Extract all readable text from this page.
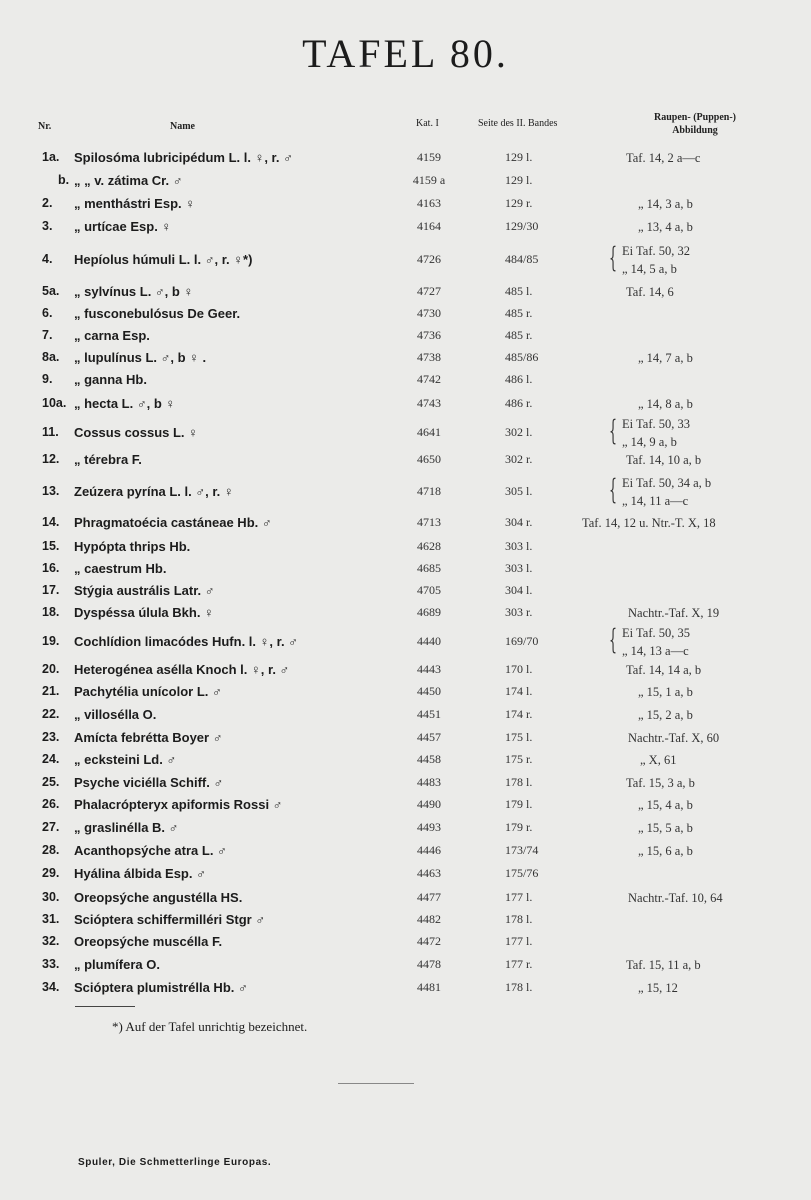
TAFEL 80.
Nr.	Name	Kat. I	Seite des II. Bandes
Raupen- (Puppen-)
Abbildung
1a.	Spilosóma lubricipédum L. l. ♀, r. ♂	4159	129 l.	Taf. 14, 2 a—c
b. „ „ v. zátima Cr. ♂	4159 a	129 l.
2.	„ menthástri Esp. ♀	4163	129 r.	„ 14, 3 a, b
3.	„ urtícae Esp. ♀	4164	129/30	„ 13, 4 a, b
4.	Hepíolus húmuli L. l. ♂, r. ♀*)	4726	484/85	{ Ei Taf. 50, 32
„ 14, 5 a, b
5a.	„ sylvínus L. ♂, b ♀	4727	485 l.	Taf. 14, 6
6.	„ fusconebulósus De Geer.	4730	485 r.
7.	„ carna Esp.	4736	485 r.
8a.	„ lupulínus L. ♂, b ♀ .	4738	485/86	„ 14, 7 a, b
9.	„ ganna Hb.	4742	486 l.
10a. „ hecta L. ♂, b ♀	4743	486 r.	„ 14, 8 a, b
11.	Cossus cossus L. ♀	4641	302 l.	{ Ei Taf. 50, 33
„ 14, 9 a, b
12.	„ térebra F.	4650	302 r.	Taf. 14, 10 a, b
13.	Zeúzera pyrína L. l. ♂, r. ♀	4718	305 l.	{ Ei Taf. 50, 34 a, b
„ 14, 11 a—c
14.	Phragmatoécia castáneae Hb. ♂	4713	304 r.	Taf. 14, 12 u. Ntr.-T. X, 18
15.	Hypópta thrips Hb.	4628	303 l.
16.	„ caestrum Hb.	4685	303 l.
17.	Stýgia austrális Latr. ♂	4705	304 l.
18.	Dyspéssa úlula Bkh. ♀	4689	303 r.	Nachtr.-Taf. X, 19
19.	Cochlídion limacódes Hufn. l. ♀, r. ♂	4440	169/70	{ Ei Taf. 50, 35
„ 14, 13 a—c
20.	Heterogénea asélla Knoch l. ♀, r. ♂	4443	170 l.	Taf. 14, 14 a, b
21.	Pachytélia unícolor L. ♂	4450	174 l.	„ 15, 1 a, b
22.	„ villosélla O.	4451	174 r.	„ 15, 2 a, b
23.	Amícta febrétta Boyer ♂	4457	175 l.	Nachtr.-Taf. X, 60
24.	„ ecksteini Ld. ♂	4458	175 r.	„ X, 61
25.	Psyche viciélla Schiff. ♂	4483	178 l.	Taf. 15, 3 a, b
26.	Phalacrópteryx apiformis Rossi ♂	4490	179 l.	„ 15, 4 a, b
27.	„ graslinélla B. ♂	4493	179 r.	„ 15, 5 a, b
28.	Acanthopsýche atra L. ♂	4446	173/74	„ 15, 6 a, b
29.	Hyálina álbida Esp. ♂	4463	175/76
30.	Oreopsýche angustélla HS.	4477	177 l.	Nachtr.-Taf. 10, 64
31.	Scióptera schiffermilléri Stgr ♂	4482	178 l.
32.	Oreopsýche muscélla F.	4472	177 l.
33.	„ plumífera O.	4478	177 r.	Taf. 15, 11 a, b
34.	Scióptera plumistrélla Hb. ♂	4481	178 l.	„ 15, 12
*) Auf der Tafel unrichtig bezeichnet.
Spuler, Die Schmetterlinge Europas.
